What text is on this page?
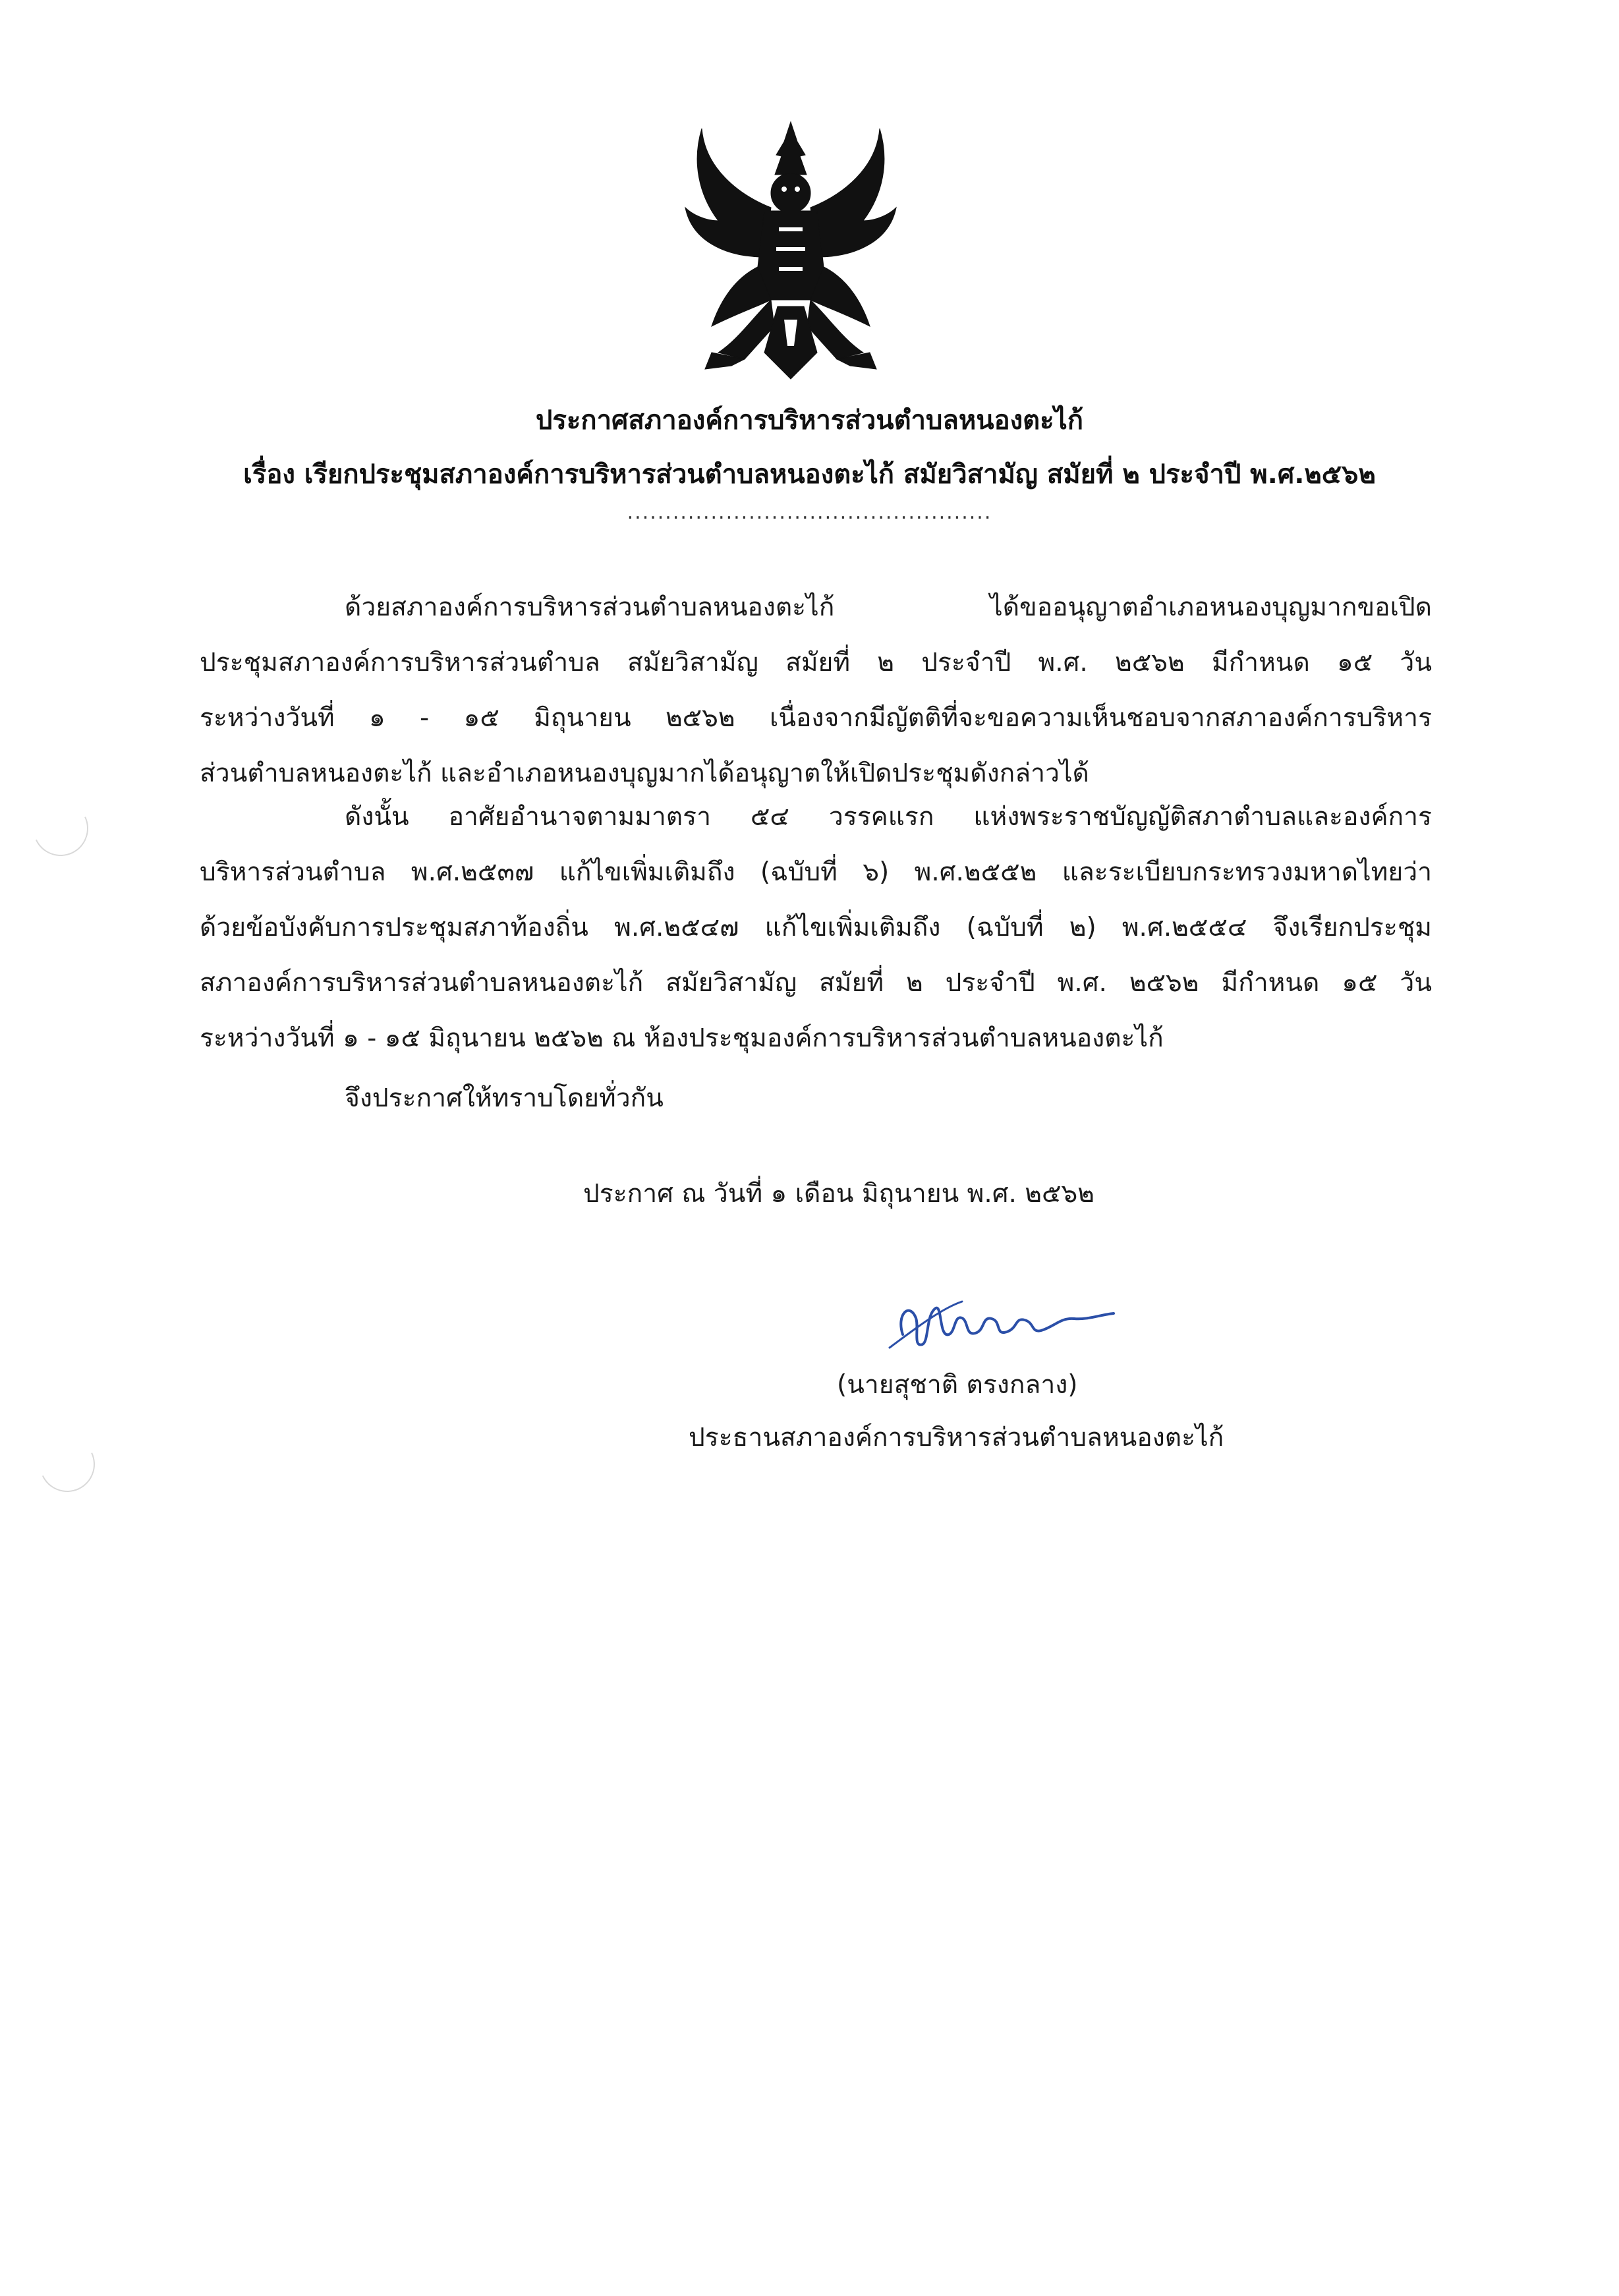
ประกาศสภาองค์การบริหารส่วนตำบลหนองตะไก้
เรื่อง เรียกประชุมสภาองค์การบริหารส่วนตำบลหนองตะไก้ สมัยวิสามัญ สมัยที่ ๒ ประจำปี พ.ศ.๒๕๖๒
................................................
ด้วยสภาองค์การบริหารส่วนตำบลหนองตะไก้ ได้ขออนุญาตอำเภอหนองบุญมากขอเปิด
ประชุมสภาองค์การบริหารส่วนตำบล สมัยวิสามัญ สมัยที่ ๒ ประจำปี พ.ศ. ๒๕๖๒ มีกำหนด ๑๕ วัน
ระหว่างวันที่ ๑ - ๑๕ มิถุนายน ๒๕๖๒ เนื่องจากมีญัตติที่จะขอความเห็นชอบจากสภาองค์การบริหาร
ส่วนตำบลหนองตะไก้ และอำเภอหนองบุญมากได้อนุญาตให้เปิดประชุมดังกล่าวได้
ดังนั้น อาศัยอำนาจตามมาตรา ๕๔ วรรคแรก แห่งพระราชบัญญัติสภาตำบลและองค์การ
บริหารส่วนตำบล พ.ศ.๒๕๓๗ แก้ไขเพิ่มเติมถึง (ฉบับที่ ๖) พ.ศ.๒๕๕๒ และระเบียบกระทรวงมหาดไทยว่า
ด้วยข้อบังคับการประชุมสภาท้องถิ่น พ.ศ.๒๕๔๗ แก้ไขเพิ่มเติมถึง (ฉบับที่ ๒) พ.ศ.๒๕๕๔ จึงเรียกประชุม
สภาองค์การบริหารส่วนตำบลหนองตะไก้ สมัยวิสามัญ สมัยที่ ๒ ประจำปี พ.ศ. ๒๕๖๒ มีกำหนด ๑๕ วัน
ระหว่างวันที่ ๑ - ๑๕ มิถุนายน ๒๕๖๒ ณ ห้องประชุมองค์การบริหารส่วนตำบลหนองตะไก้
จึงประกาศให้ทราบโดยทั่วกัน
ประกาศ ณ วันที่ ๑ เดือน มิถุนายน พ.ศ. ๒๕๖๒
(นายสุชาติ ตรงกลาง)
ประธานสภาองค์การบริหารส่วนตำบลหนองตะไก้
